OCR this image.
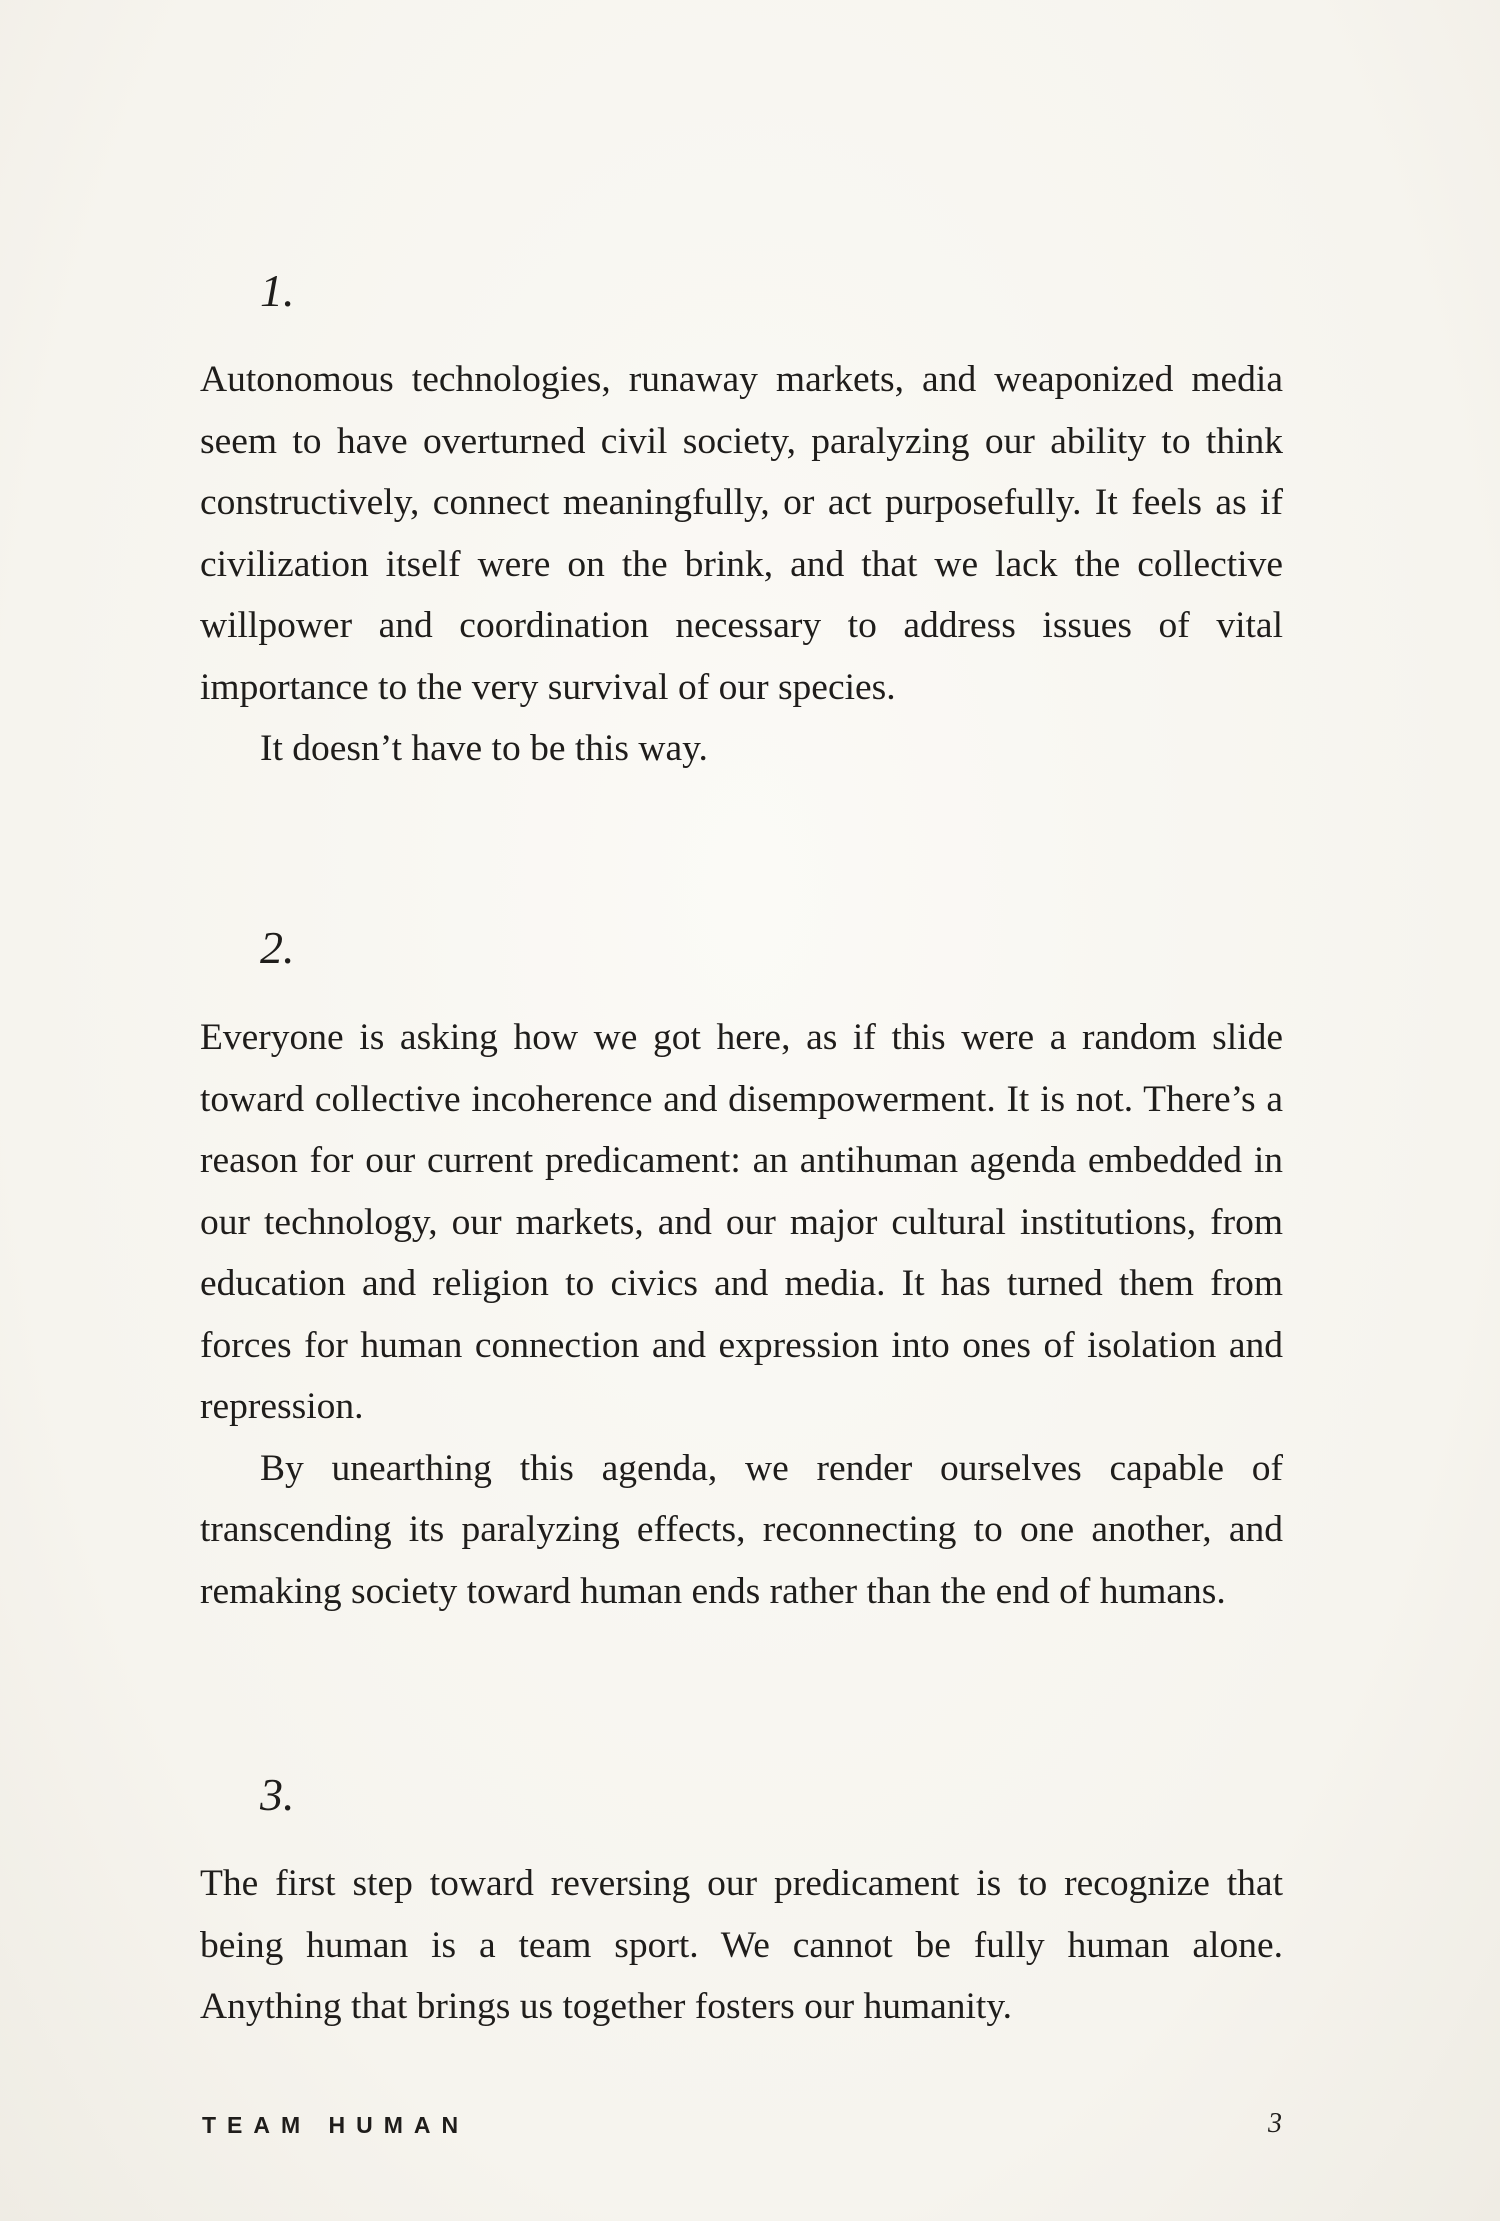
1.

Autonomous technologies, runaway markets, and weaponized media seem to have overturned civil society, paralyzing our ability to think constructively, connect meaningfully, or act purposefully. It feels as if civilization itself were on the brink, and that we lack the collective willpower and coordination necessary to address issues of vital importance to the very survival of our species.

It doesn’t have to be this way.

2.

Everyone is asking how we got here, as if this were a random slide toward collective incoherence and disempowerment. It is not. There’s a reason for our current predicament: an antihuman agenda embedded in our technology, our markets, and our major cultural institutions, from education and religion to civics and media. It has turned them from forces for human connection and expression into ones of isolation and repression.

By unearthing this agenda, we render ourselves capable of transcending its paralyzing effects, reconnecting to one another, and remaking society toward human ends rather than the end of humans.

3.

The first step toward reversing our predicament is to recognize that being human is a team sport. We cannot be fully human alone. Anything that brings us together fosters our humanity.

TEAM HUMAN	3
